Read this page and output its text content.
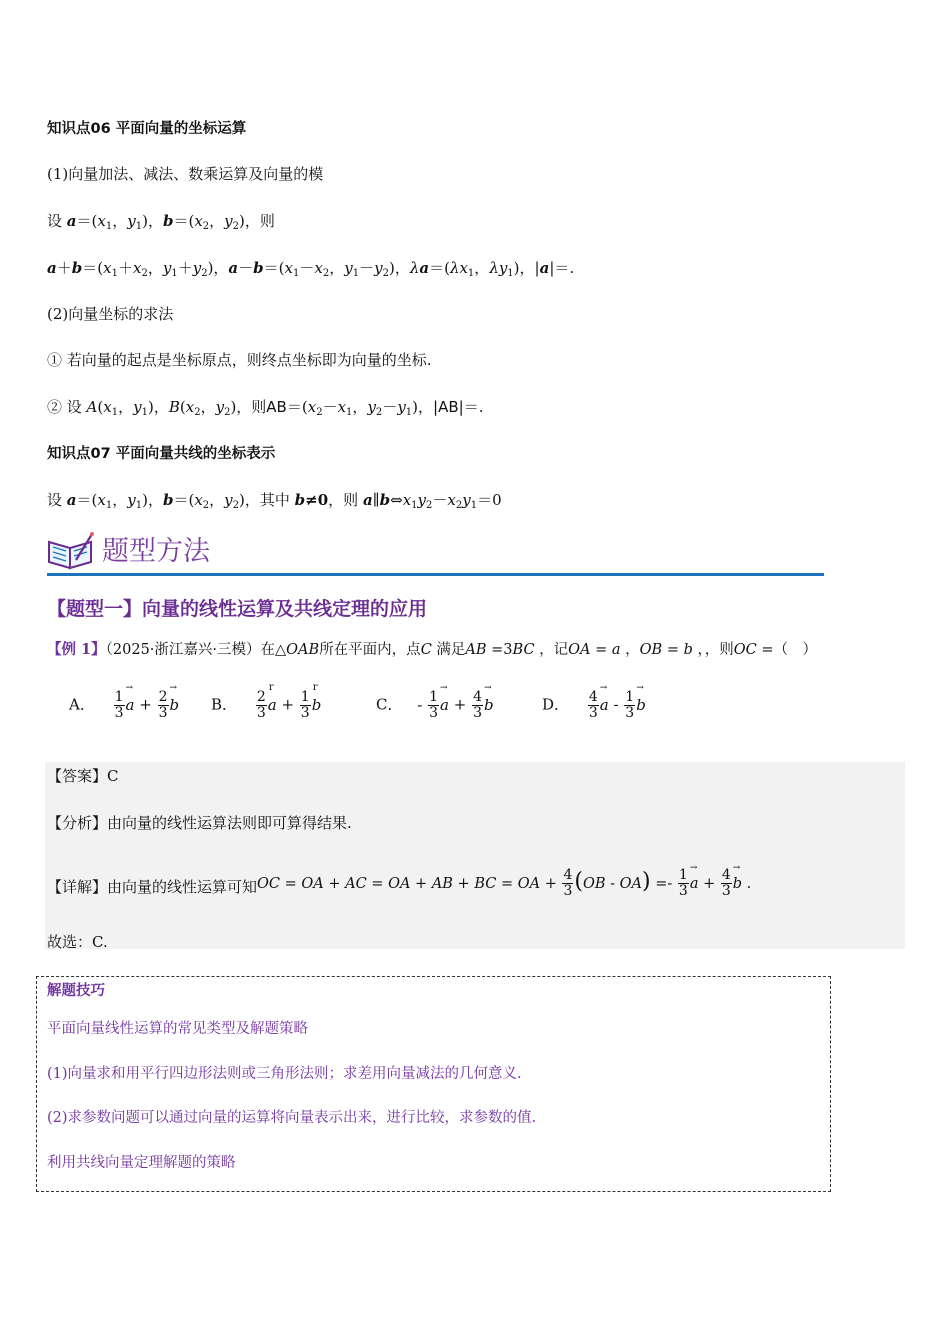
知识点06 平面向量的坐标运算
(1)向量加法、减法、数乘运算及向量的模
设 $a=(x_1$，$y_1$)，$b=(x_2$，$y_2$)，则
$a+b=(x_1+x_2$，$y_1+y_2$)，$a-b=(x_1-x_2$，$y_1-y_2$)，$\lambda a=(\lambda x_1$，$\lambda y_1$)，|a|＝.
(2)向量坐标的求法
① 若向量的起点是坐标原点，则终点坐标即为向量的坐标.
② 设 $A(x_1$，$y_1$)，$B(x_2$，$y_2$)，则$AB=(x_2-x_1$，$y_2-y_1$)，|AB|＝.
知识点07 平面向量共线的坐标表示
设 $a=(x_1$，$y_1$)，$b=(x_2$，$y_2$)，其中 b≠0，则 $a\parallel b\Leftrightarrow x_1y_2-x_2y_1=0$
题型方法
【题型一】向量的线性运算及共线定理的应用
【例 1】（2025·浙江嘉兴·三模）在△OAB所在平面内，点C 满足AB =3BC ，记OA = a ，OB = b ，，则OC =（　）
A． $\frac{1}{3}$
→ $a + \frac{2}{3}$
→ b B． $\frac{2}{3}$
r $a + \frac{1}{3}$
r b	C． - $\frac{1}{3}$
→ $a + \frac{4}{3}$
→ b	D． $\frac{4}{3}$
→ a - $\frac{1}{3}$
→ b
【答案】C
【分析】由向量的线性运算法则即可算得结果.
【详解】由向量的线性运算可知OC = OA + AC = OA + AB + BC = OA + $\frac{4}{3} (OB - OA) =- \frac{1}{3}$
→ $a + \frac{4}{3}$
→ b .
故选：C.
解题技巧
平面向量线性运算的常见类型及解题策略
(1)向量求和用平行四边形法则或三角形法则；求差用向量减法的几何意义.
(2)求参数问题可以通过向量的运算将向量表示出来，进行比较，求参数的值.
利用共线向量定理解题的策略
